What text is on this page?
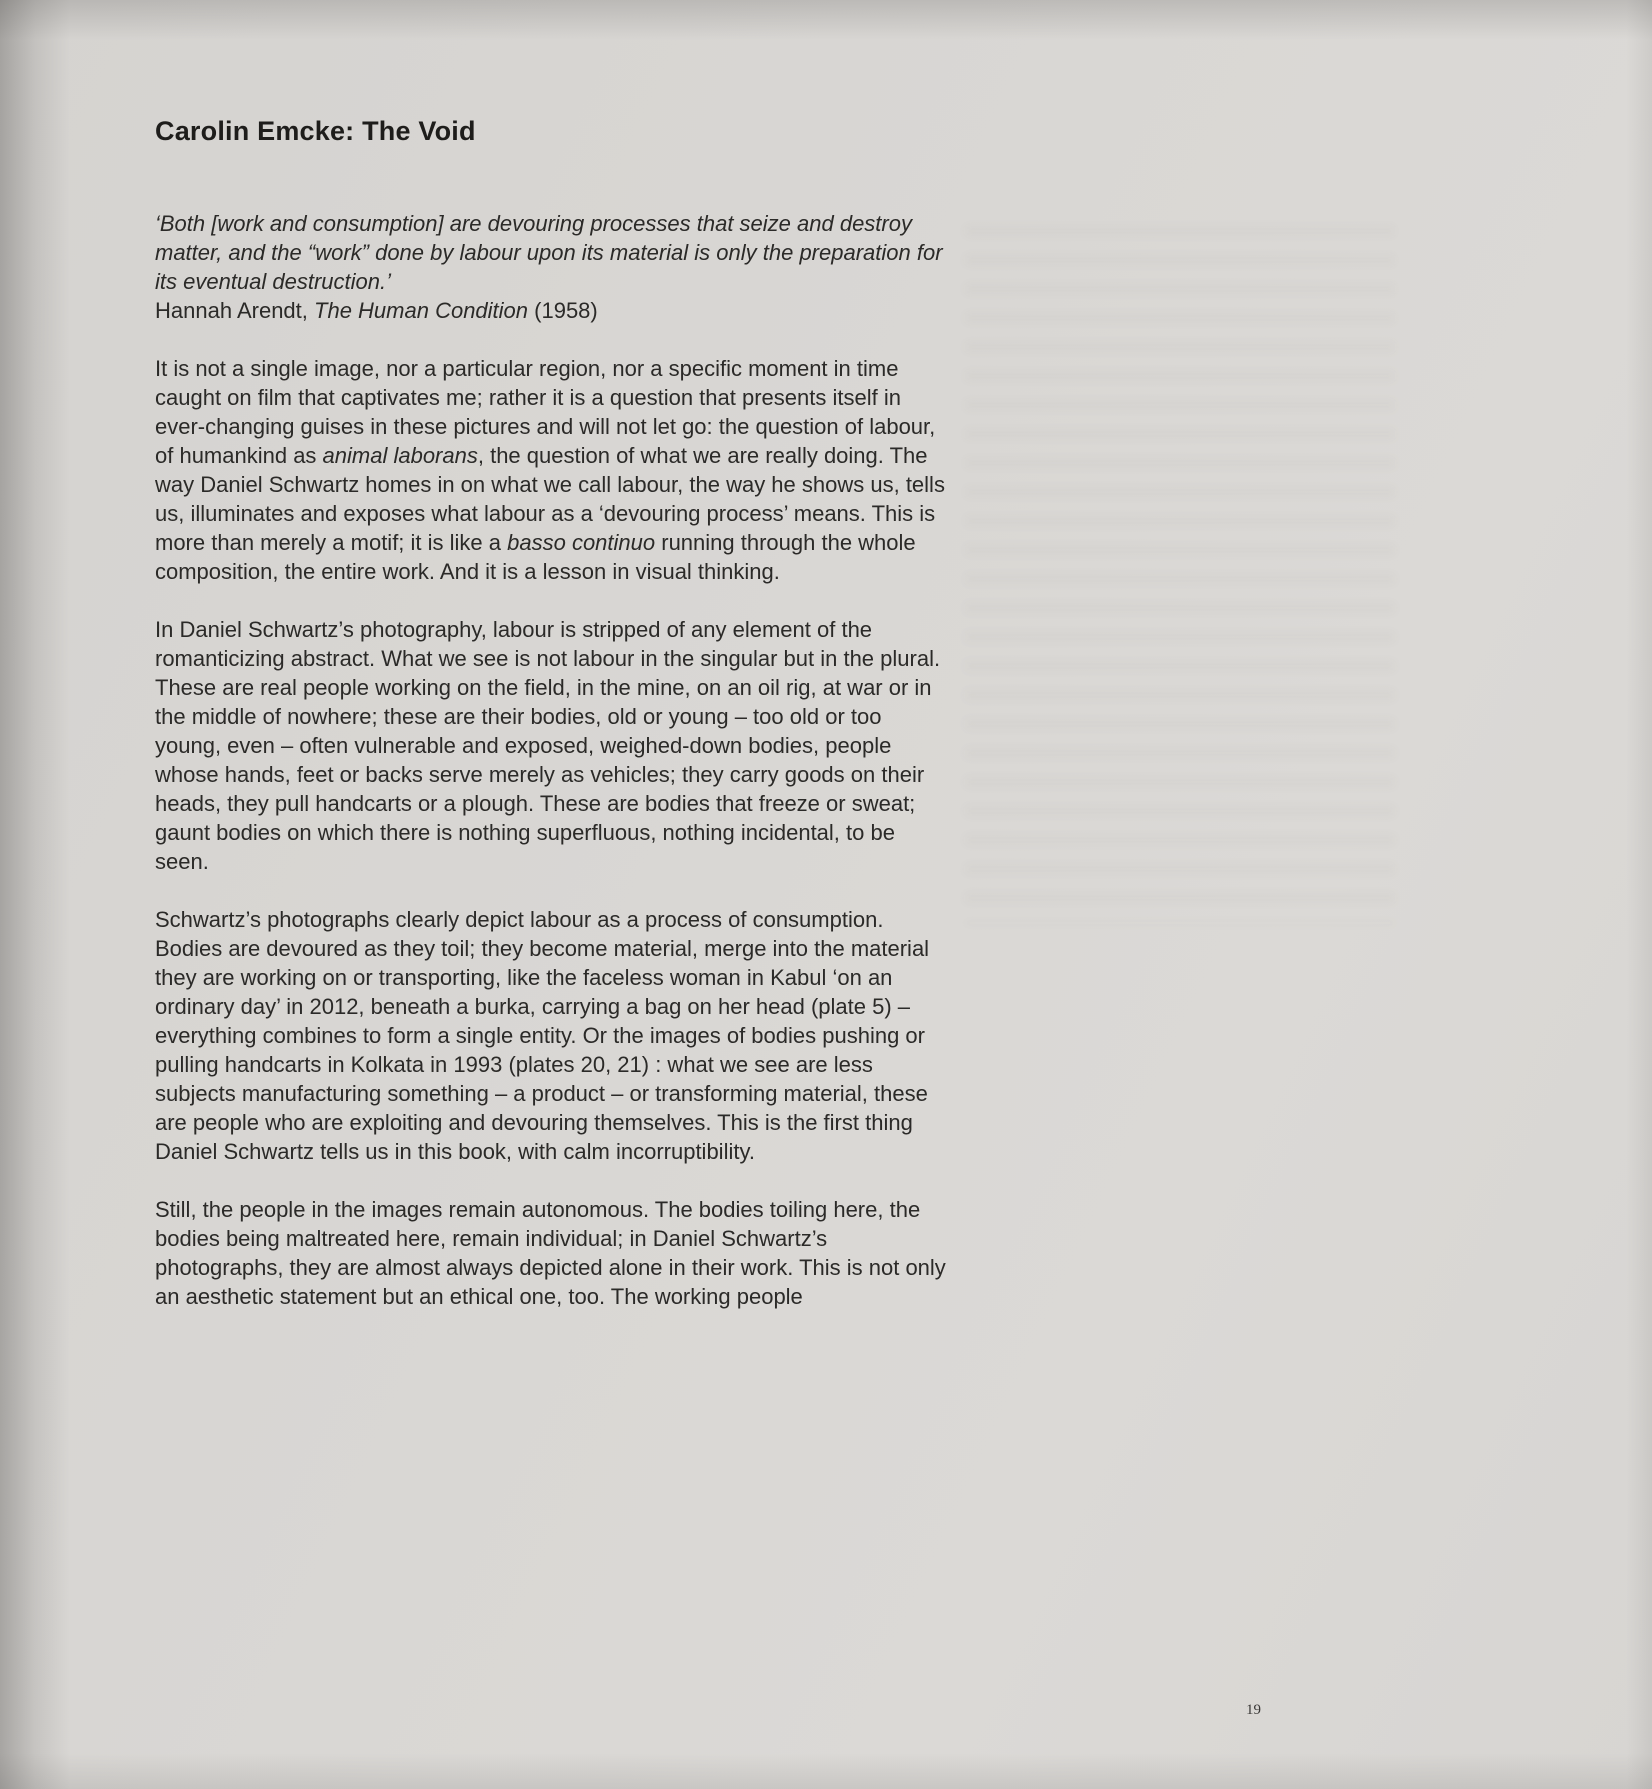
Carolin Emcke: The Void

‘Both [work and consumption] are devouring processes that seize and destroy matter, and the “work” done by labour upon its material is only the preparation for its eventual destruction.’

Hannah Arendt, The Human Condition (1958)

It is not a single image, nor a particular region, nor a specific moment in time caught on film that captivates me; rather it is a question that presents itself in ever-changing guises in these pictures and will not let go: the question of labour, of humankind as animal laborans, the question of what we are really doing. The way Daniel Schwartz homes in on what we call labour, the way he shows us, tells us, illuminates and exposes what labour as a ‘devouring process’ means. This is more than merely a motif; it is like a basso continuo running through the whole composition, the entire work. And it is a lesson in visual thinking.

In Daniel Schwartz’s photography, labour is stripped of any element of the romanticizing abstract. What we see is not labour in the singular but in the plural. These are real people working on the field, in the mine, on an oil rig, at war or in the middle of nowhere; these are their bodies, old or young – too old or too young, even – often vulnerable and exposed, weighed-down bodies, people whose hands, feet or backs serve merely as vehicles; they carry goods on their heads, they pull handcarts or a plough. These are bodies that freeze or sweat; gaunt bodies on which there is nothing superfluous, nothing incidental, to be seen.

Schwartz’s photographs clearly depict labour as a process of consumption. Bodies are devoured as they toil; they become material, merge into the material they are working on or transporting, like the faceless woman in Kabul ‘on an ordinary day’ in 2012, beneath a burka, carrying a bag on her head (plate 5) – everything combines to form a single entity. Or the images of bodies pushing or pulling handcarts in Kolkata in 1993 (plates 20, 21) : what we see are less subjects manufacturing something – a product – or transforming material, these are people who are exploiting and devouring themselves. This is the first thing Daniel Schwartz tells us in this book, with calm incorruptibility.

Still, the people in the images remain autonomous. The bodies toiling here, the bodies being maltreated here, remain individual; in Daniel Schwartz’s photographs, they are almost always depicted alone in their work. This is not only an aesthetic statement but an ethical one, too. The working people

19
